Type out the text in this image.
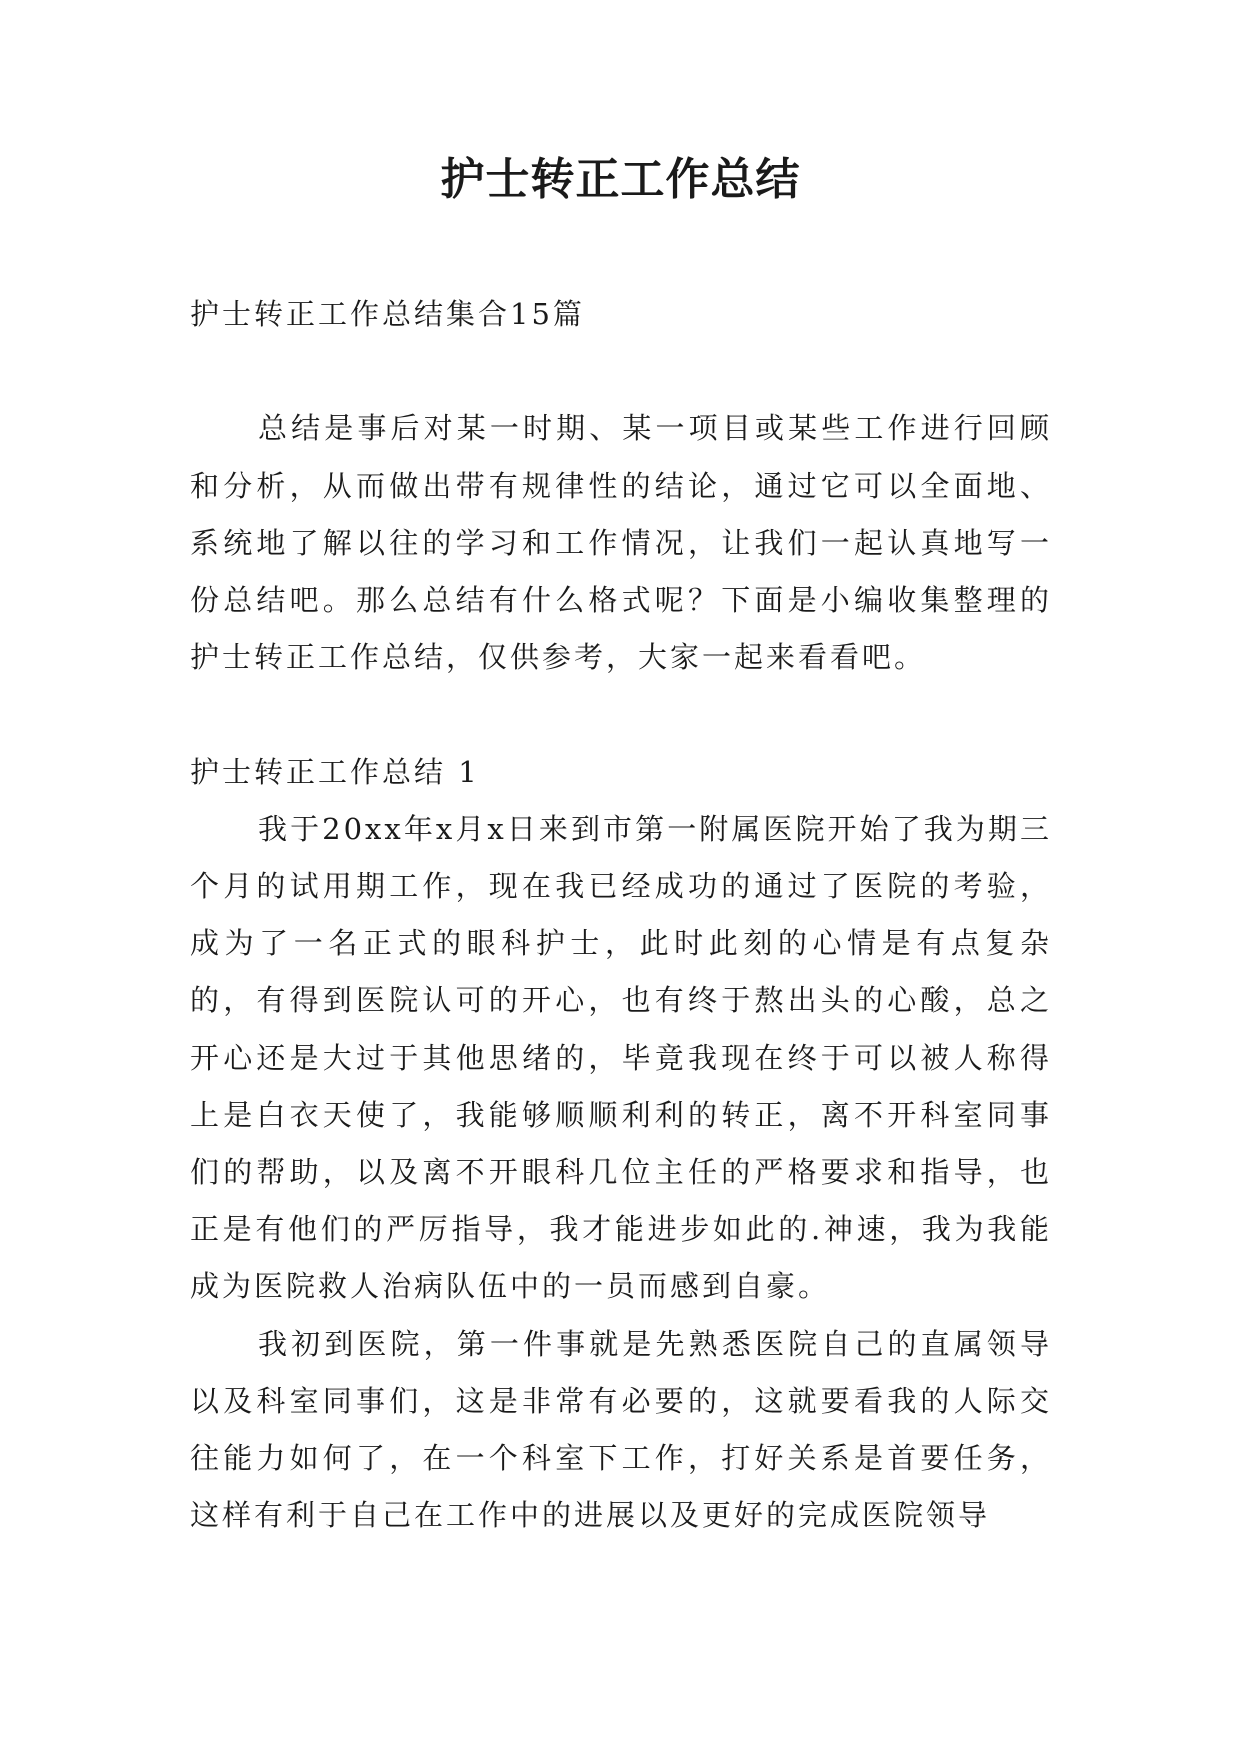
护士转正工作总结

护士转正工作总结集合15篇

总结是事后对某一时期、某一项目或某些工作进行回顾和分析，从而做出带有规律性的结论，通过它可以全面地、系统地了解以往的学习和工作情况，让我们一起认真地写一份总结吧。那么总结有什么格式呢？下面是小编收集整理的护士转正工作总结，仅供参考，大家一起来看看吧。

护士转正工作总结 1

我于20xx年x月x日来到市第一附属医院开始了我为期三个月的试用期工作，现在我已经成功的通过了医院的考验，成为了一名正式的眼科护士，此时此刻的心情是有点复杂的，有得到医院认可的开心，也有终于熬出头的心酸，总之开心还是大过于其他思绪的，毕竟我现在终于可以被人称得上是白衣天使了，我能够顺顺利利的转正，离不开科室同事们的帮助，以及离不开眼科几位主任的严格要求和指导，也正是有他们的严厉指导，我才能进步如此的.神速，我为我能成为医院救人治病队伍中的一员而感到自豪。

我初到医院，第一件事就是先熟悉医院自己的直属领导以及科室同事们，这是非常有必要的，这就要看我的人际交往能力如何了，在一个科室下工作，打好关系是首要任务，这样有利于自己在工作中的进展以及更好的完成医院领导
